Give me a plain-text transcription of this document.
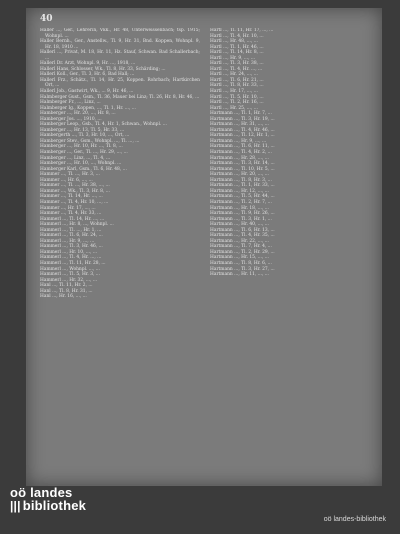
40

Haller ..., Ger., Lehrerin, Vkk., Hr. 48, Unterweissenbach; tsp. 1915; Wohnpl. ...

Haller Bernh., Ger., Anstellw., Tl. 9, Hr. 31, Bnd. Koppen, Wohnpl. 9, Hr. 18, 1910 ...

Hallerl ..., Privat, M. 18, Hr. 11, Hz. Stauf, Schwan. Bad Schallerbach; ...

Hallerl Dr. Arzt, Wohnpl. 9, Hr. ..., 1918, ...

Hallerl Hans, Schlosser, Wk., Tl. 8, Hr. 33, Schärding; ...

Hallerl Koll., Ger., Tl. 3, Hr. 6, Bad Hall; ...

Hallerl Frz., Schätz., Tl. 14, Hr. 25, Koppen. Rohrbach; Hartkirchen Ort, ...

Hallerl Job., Gastwirt, Wk., ... 9, Hr. 46, ...

Halmberger Gust., Gsm., Tl. 36, Mauer bei Linz; Tl. 26, Hr. 8, Hr. 46, ...

Halmberger Fr., ..., Linz, ...

Halmberger Ig., Koppen, ..., Tl. 1, Hr. ..., ...

Hamberger ..., Hr. 20, ..., Hr. 8, ...

Hamberger Jos. ..., 1910, ...

Hamberger Leop., Gsb., Tl. 4, Hr. 1, Schwan., Wohnpl. ...

Hamberger ..., Hr. 13, Tl. 5, Hr. 33, ...

Hambergerth ..., Tl. 3, Hr. 10, ..., Ort, ...

Hamberger Stev., Gsm., Wohnpl. ..., Tl. ..., ...

Hamberger ..., Hr. 10, Hr. ..., Tl. 8, ...

Hamberger ..., Ger., Tl. ..., Hr. 29, ..., ...

Hamberger ..., Linz, ..., Tl. 4, ...

Hamberger ..., Hr. 10, ..., Wohnpl. ...

Hamberger Karl, Gsm., Tl. 6, Hr. 48, ...

Hammer ..., Tl. ..., Hr. 3, ...

Hammer ..., Hr. 6, ..., ...

Hammer ..., Tl. ..., Hr. 38, ..., ...

Hammer ..., Wk., Tl. 3, Hr. 8, ...

Hammer ..., Tl. 14, Hr. ..., ...

Hammer ..., Tl. 4, Hr. 10, ..., ...

Hammer ..., Hr. 17, ..., ...

Hammer ..., Tl. 4, Hr. 33, ...

Hammerl ..., Tl. 14, Hr. ..., ...

Hammerl ..., Hr. 8, ..., Wohnpl. ...

Hammerl ..., Tl. ..., Hr. 1, ...

Hammerl ..., Tl. 6, Hr. 24, ...

Hammerl ..., Hr. 9, ..., ...

Hammerl ..., Tl. 3, Hr. 46, ...

Hammerl ..., Hr. 10, ..., ...

Hammerl ..., Tl. 4, Hr. ..., ...

Hammerl ..., Tl. 11, Hr. 28, ...

Hammerl ..., Wohnpl. ..., ...

Hammerl ..., Tl. 5, Hr. 3, ...

Hammerl ..., Hr. 32, ..., ...

Hanl ..., Tl. 11, Hr. 2, ...

Hanl ..., Tl. 8, Hr. 31, ...

Hanl ..., Hr. 16, ..., ...

Hartl ..., Tl. 11, Hr. 17, ..., ...

Hartl ..., Tl. 4, Hr. 10, ...

Hartl ..., Hr. 48, ..., ...

Hartl ..., Tl. 1, Hr. 46, ...

Hartl ..., Tl. 14, Hr. 8, ...

Hartl ..., Hr. 9, ..., ...

Hartl ..., Tl. 3, Hr. 38, ...

Hartl ..., Tl. 4, Hr. ..., ...

Hartl ..., Hr. 24, ..., ...

Hartl ..., Tl. 6, Hr. 21, ...

Hartl ..., Tl. 8, Hr. 33, ...

Hartl ..., Hr. 17, ..., ...

Hartl ..., Tl. 5, Hr. 10, ...

Hartl ..., Tl. 2, Hr. 16, ...

Hartl ..., Hr. 25, ..., ...

Hartmann ..., Tl. 1, Hr. 7, ...

Hartmann ..., Tl. 3, Hr. 19, ...

Hartmann ..., Hr. 31, ..., ...

Hartmann ..., Tl. 4, Hr. 46, ...

Hartmann ..., Tl. 12, Hr. 1, ...

Hartmann ..., Hr. 9, ..., ...

Hartmann ..., Tl. 6, Hr. 11, ...

Hartmann ..., Tl. 4, Hr. 2, ...

Hartmann ..., Hr. 28, ..., ...

Hartmann ..., Tl. 3, Hr. 14, ...

Hartmann ..., Tl. 10, Hr. 5, ...

Hartmann ..., Hr. 20, ..., ...

Hartmann ..., Tl. 8, Hr. 3, ...

Hartmann ..., Tl. 1, Hr. 33, ...

Hartmann ..., Hr. 12, ..., ...

Hartmann ..., Tl. 5, Hr. 44, ...

Hartmann ..., Tl. 2, Hr. 7, ...

Hartmann ..., Hr. 18, ..., ...

Hartmann ..., Tl. 9, Hr. 26, ...

Hartmann ..., Tl. 3, Hr. 1, ...

Hartmann ..., Hr. 40, ..., ...

Hartmann ..., Tl. 6, Hr. 13, ...

Hartmann ..., Tl. 4, Hr. 35, ...

Hartmann ..., Hr. 22, ..., ...

Hartmann ..., Tl. 7, Hr. 4, ...

Hartmann ..., Tl. 2, Hr. 29, ...

Hartmann ..., Hr. 15, ..., ...

Hartmann ..., Tl. 8, Hr. 6, ...

Hartmann ..., Tl. 3, Hr. 27, ...

Hartmann ..., Hr. 11, ..., ...

oö landes
||| bibliothek
oö landes-bibliothek
